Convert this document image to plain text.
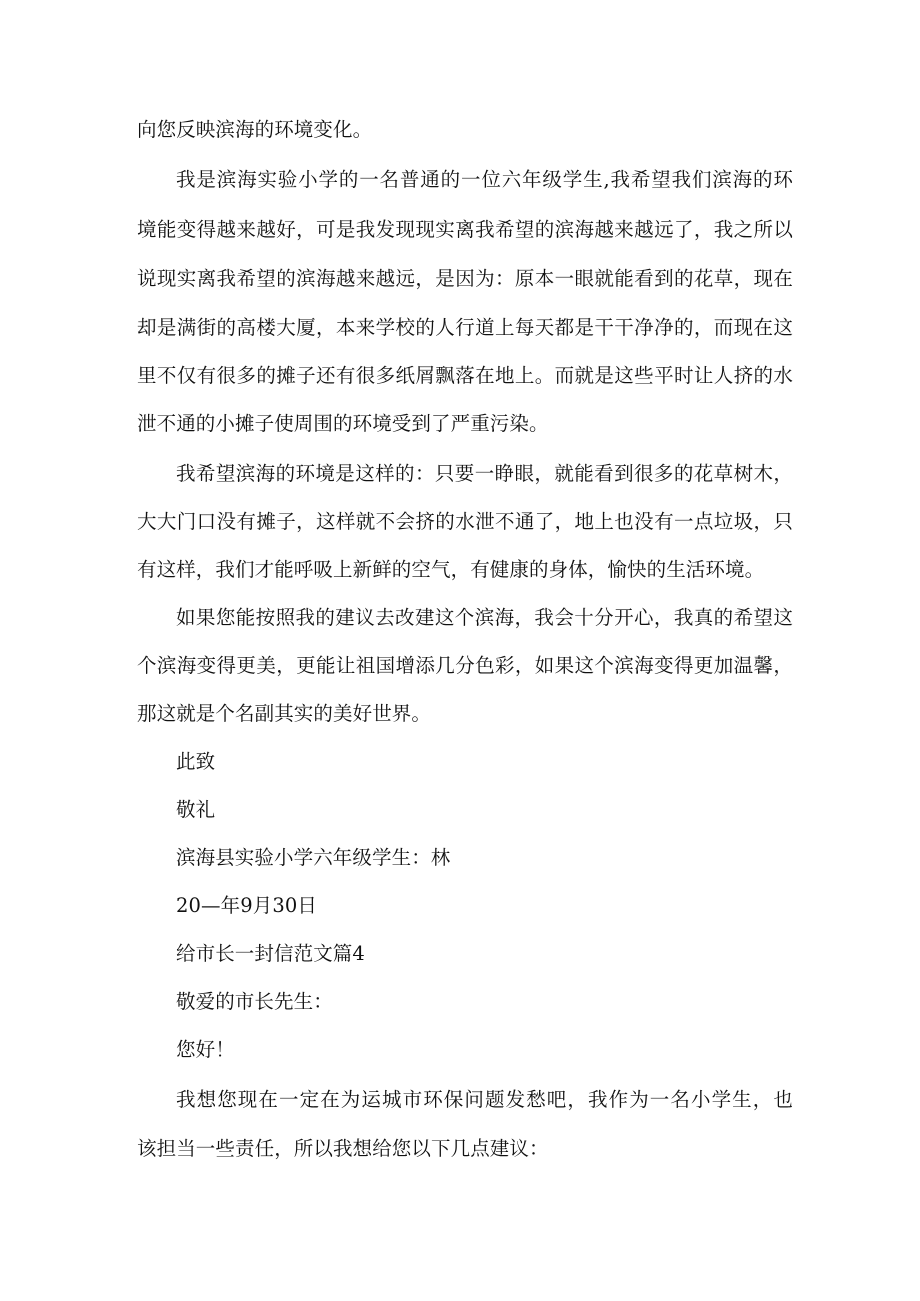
向您反映滨海的环境变化。
我是滨海实验小学的一名普通的一位六年级学生,我希望我们滨海的环
境能变得越来越好，可是我发现现实离我希望的滨海越来越远了，我之所以
说现实离我希望的滨海越来越远，是因为：原本一眼就能看到的花草，现在
却是满街的高楼大厦，本来学校的人行道上每天都是干干净净的，而现在这
里不仅有很多的摊子还有很多纸屑飘落在地上。而就是这些平时让人挤的水
泄不通的小摊子使周围的环境受到了严重污染。
我希望滨海的环境是这样的：只要一睁眼，就能看到很多的花草树木，
大大门口没有摊子，这样就不会挤的水泄不通了，地上也没有一点垃圾，只
有这样，我们才能呼吸上新鲜的空气，有健康的身体，愉快的生活环境。
如果您能按照我的建议去改建这个滨海，我会十分开心，我真的希望这
个滨海变得更美，更能让祖国增添几分色彩，如果这个滨海变得更加温馨，
那这就是个名副其实的美好世界。
此致
敬礼
滨海县实验小学六年级学生：林
20—年9月30日
给市长一封信范文篇4
敬爱的市长先生：
您好！
我想您现在一定在为运城市环保问题发愁吧，我作为一名小学生，也
该担当一些责任，所以我想给您以下几点建议：
